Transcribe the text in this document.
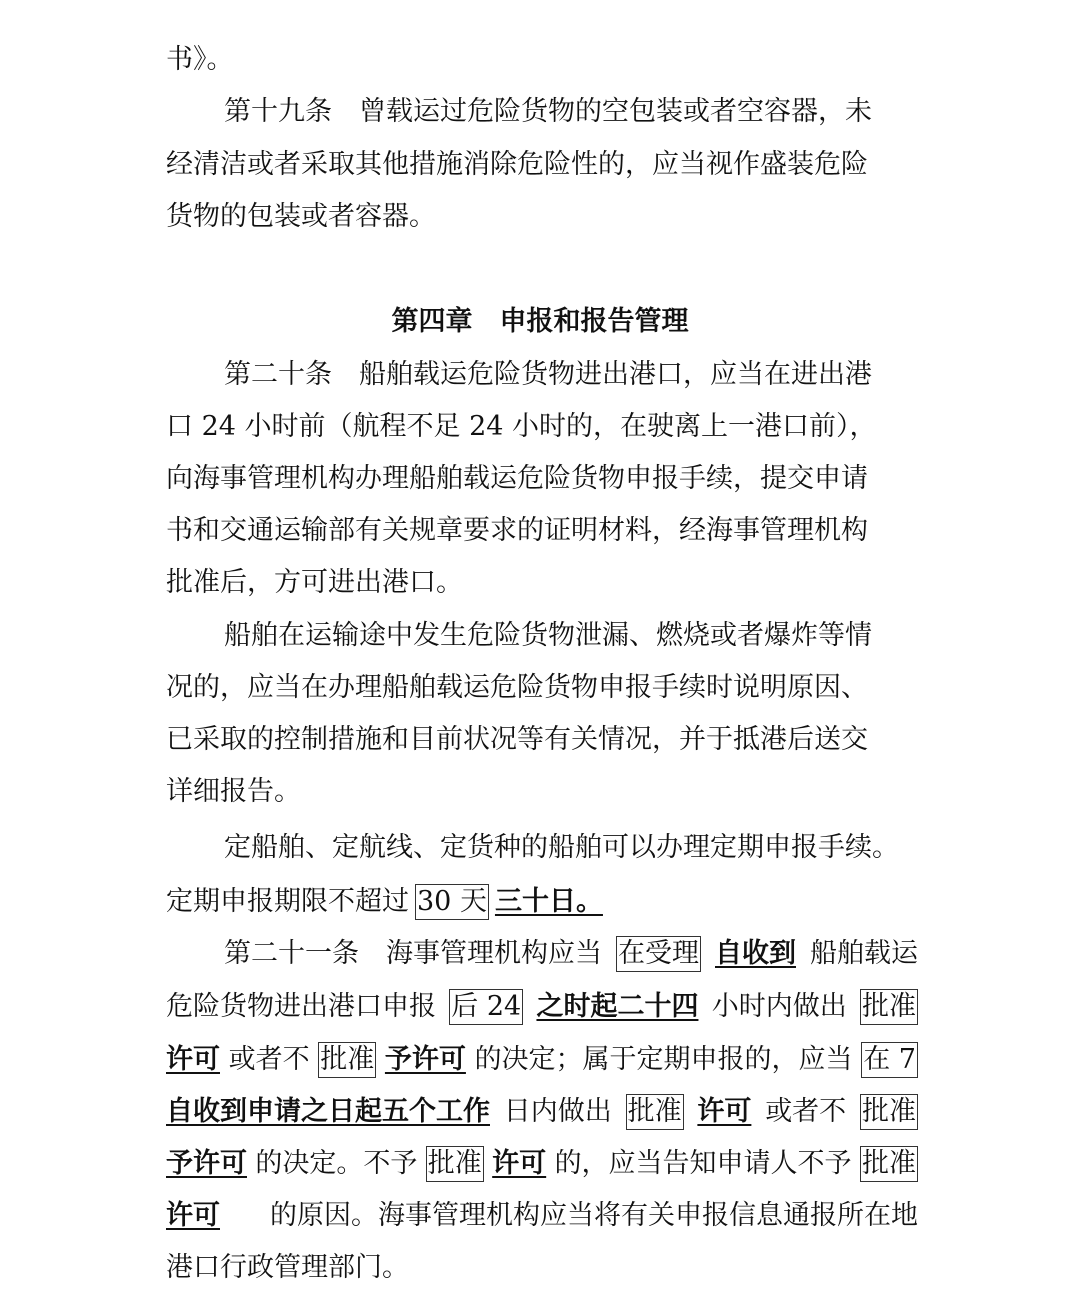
书》。
第十九条　曾载运过危险货物的空包装或者空容器，未
经清洁或者采取其他措施消除危险性的，应当视作盛装危险
货物的包装或者容器。
第四章　申报和报告管理
第二十条　船舶载运危险货物进出港口，应当在进出港
口 24 小时前（航程不足 24 小时的，在驶离上一港口前），
向海事管理机构办理船舶载运危险货物申报手续，提交申请
书和交通运输部有关规章要求的证明材料，经海事管理机构
批准后，方可进出港口。
船舶在运输途中发生危险货物泄漏、燃烧或者爆炸等情
况的，应当在办理船舶载运危险货物申报手续时说明原因、
已采取的控制措施和目前状况等有关情况，并于抵港后送交
详细报告。
定船舶、定航线、定货种的船舶可以办理定期申报手续。
定期申报期限不超过 30 天 三十日。
第二十一条　海事管理机构应当 在受理 自收到 船舶载运
危险货物进出港口申报 后 24 之时起二十四 小时内做出 批准
许可 或者不 批准 予许可 的决定；属于定期申报的，应当 在 7
自收到申请之日起五个工作 日内做出 批准 许可 或者不 批准
予许可 的决定。不予 批准 许可 的，应当告知申请人不予 批准
许可 的原因。海事管理机构应当将有关申报信息通报所在地
港口行政管理部门。
